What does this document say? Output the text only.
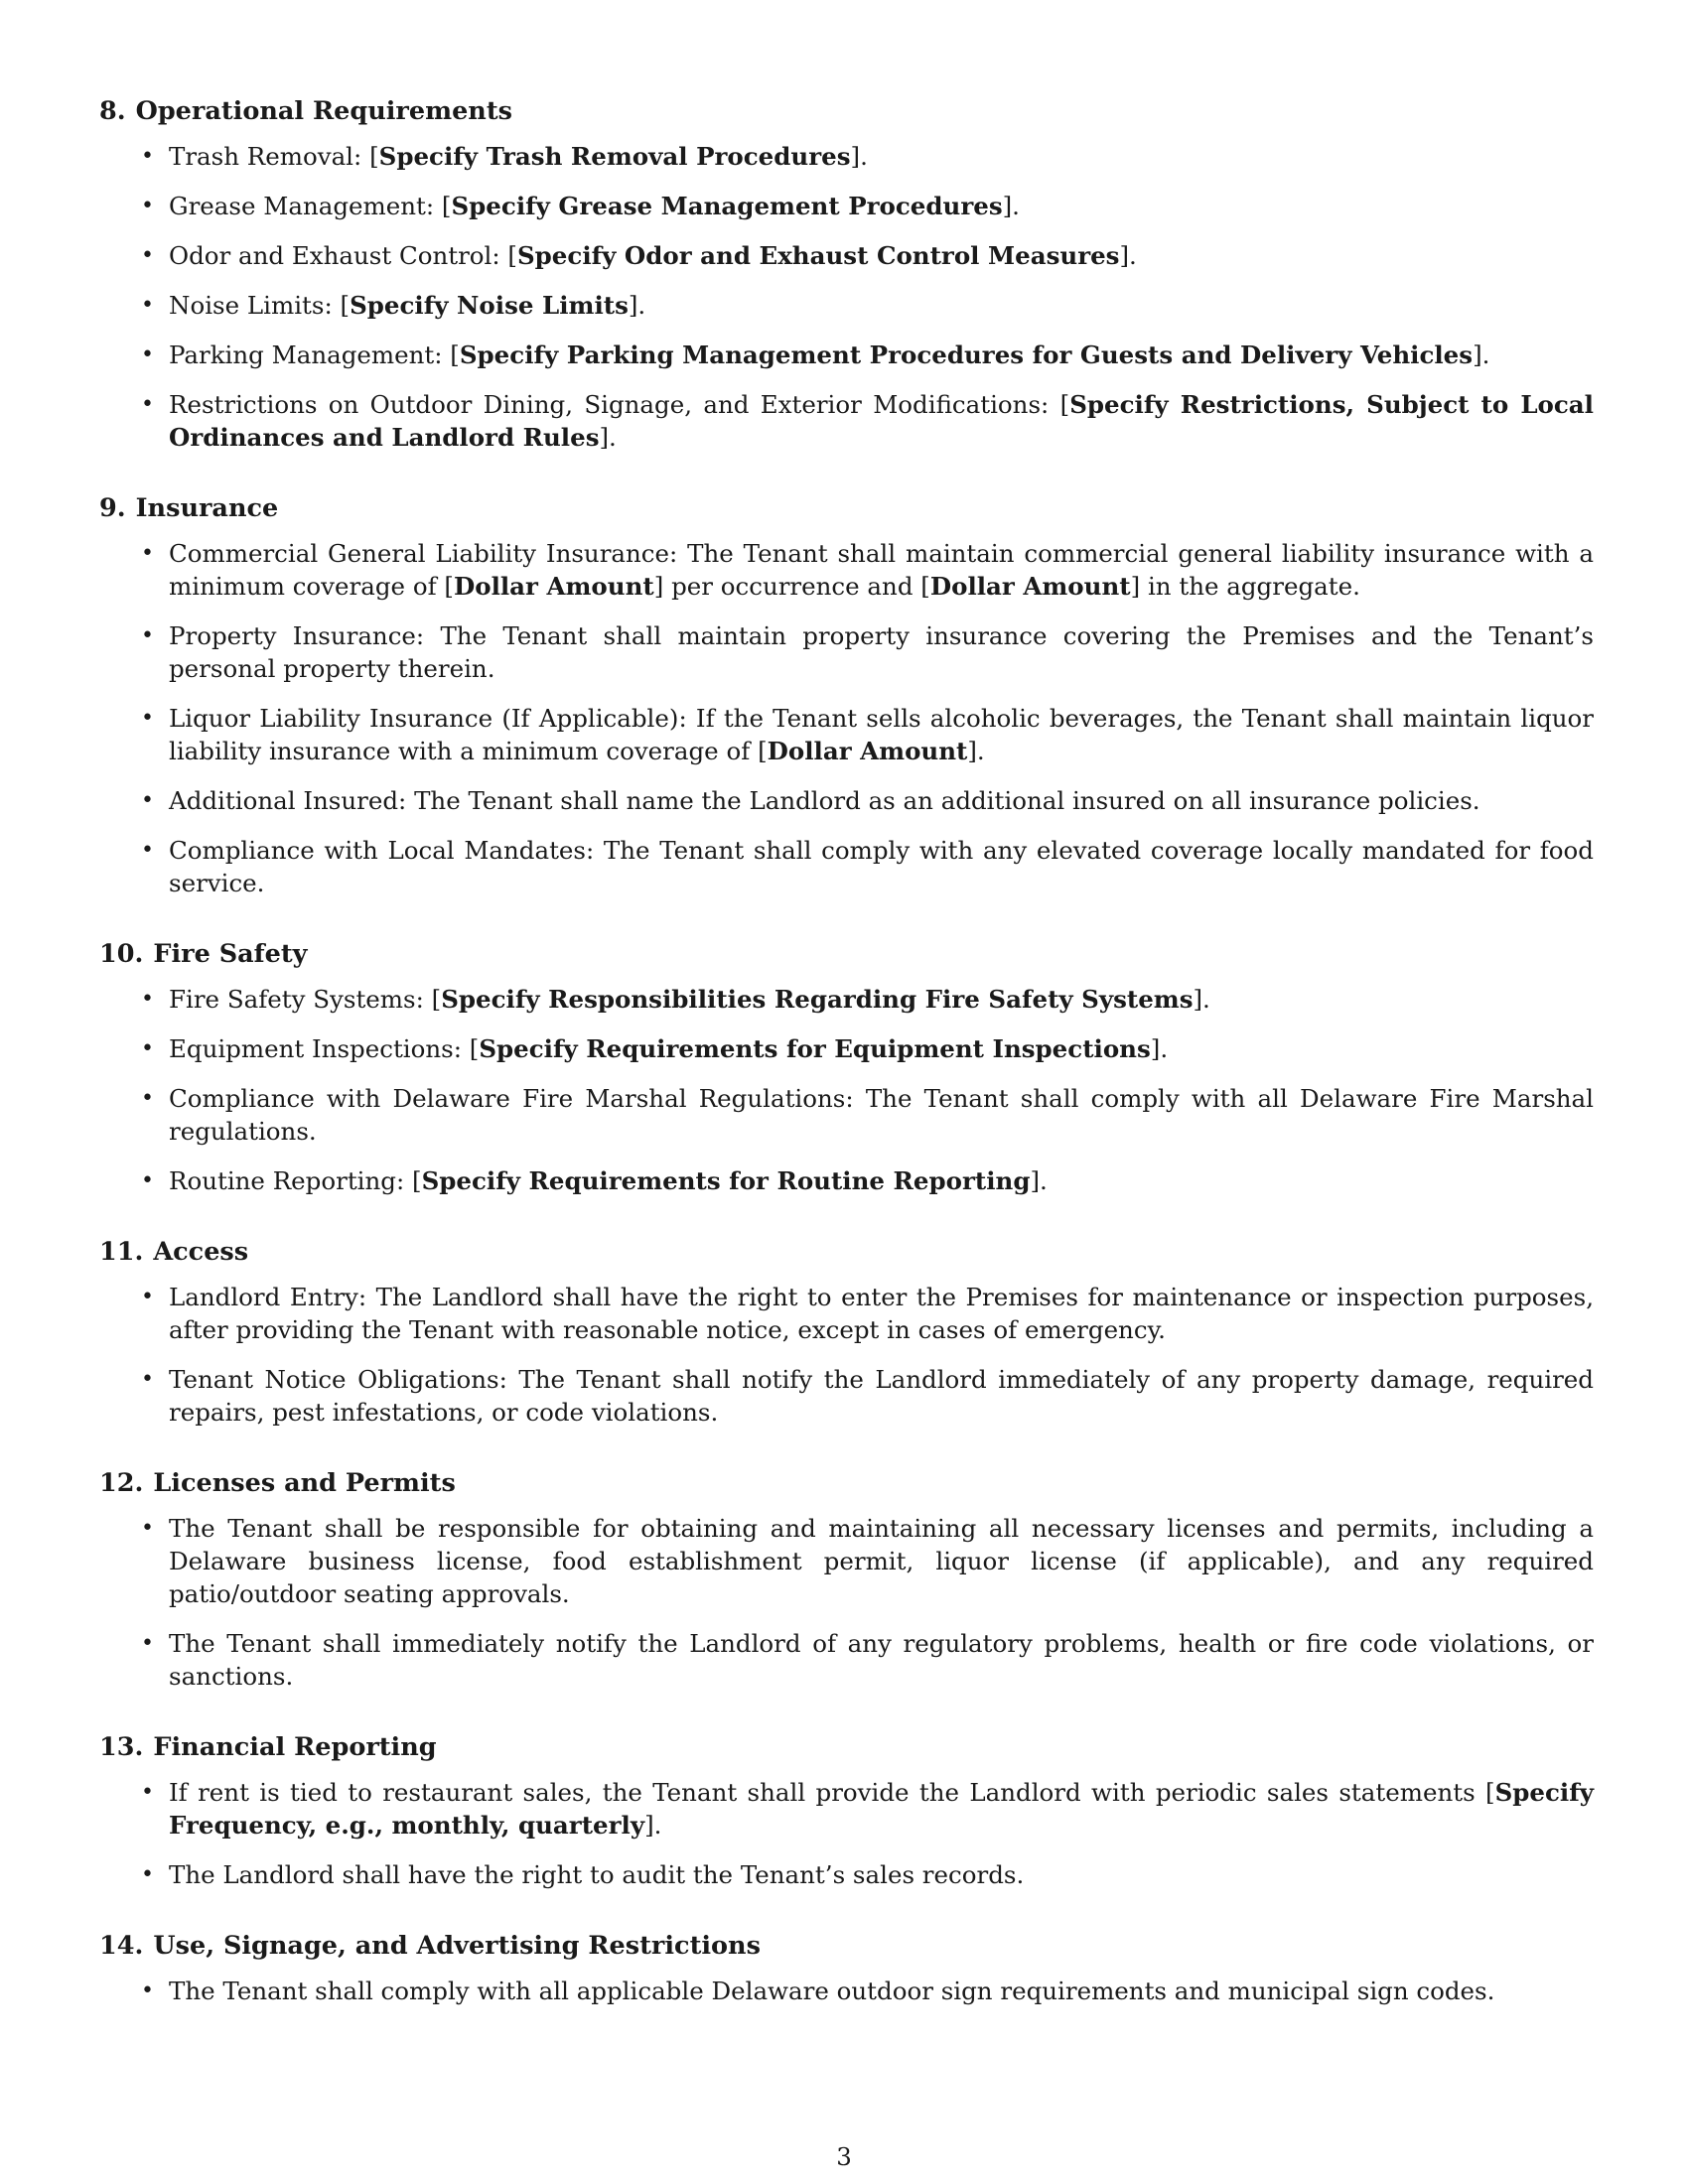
8. Operational Requirements
• Trash Removal: [Specify Trash Removal Procedures].
• Grease Management: [Specify Grease Management Procedures].
• Odor and Exhaust Control: [Specify Odor and Exhaust Control Measures].
• Noise Limits: [Specify Noise Limits].
• Parking Management: [Specify Parking Management Procedures for Guests and Delivery Vehicles].
• Restrictions on Outdoor Dining, Signage, and Exterior Modifications: [Specify Restrictions, Subject to Local Ordinances and Landlord Rules].
9. Insurance
• Commercial General Liability Insurance: The Tenant shall maintain commercial general liability insurance with a minimum coverage of [Dollar Amount] per occurrence and [Dollar Amount] in the aggregate.
• Property Insurance: The Tenant shall maintain property insurance covering the Premises and the Tenant’s personal property therein.
• Liquor Liability Insurance (If Applicable): If the Tenant sells alcoholic beverages, the Tenant shall maintain liquor liability insurance with a minimum coverage of [Dollar Amount].
• Additional Insured: The Tenant shall name the Landlord as an additional insured on all insurance policies.
• Compliance with Local Mandates: The Tenant shall comply with any elevated coverage locally mandated for food service.
10. Fire Safety
• Fire Safety Systems: [Specify Responsibilities Regarding Fire Safety Systems].
• Equipment Inspections: [Specify Requirements for Equipment Inspections].
• Compliance with Delaware Fire Marshal Regulations: The Tenant shall comply with all Delaware Fire Marshal regulations.
• Routine Reporting: [Specify Requirements for Routine Reporting].
11. Access
• Landlord Entry: The Landlord shall have the right to enter the Premises for maintenance or inspection purposes, after providing the Tenant with reasonable notice, except in cases of emergency.
• Tenant Notice Obligations: The Tenant shall notify the Landlord immediately of any property damage, required repairs, pest infestations, or code violations.
12. Licenses and Permits
• The Tenant shall be responsible for obtaining and maintaining all necessary licenses and permits, including a Delaware business license, food establishment permit, liquor license (if applicable), and any required patio/outdoor seating approvals.
• The Tenant shall immediately notify the Landlord of any regulatory problems, health or fire code violations, or sanctions.
13. Financial Reporting
• If rent is tied to restaurant sales, the Tenant shall provide the Landlord with periodic sales statements [Specify Frequency, e.g., monthly, quarterly].
• The Landlord shall have the right to audit the Tenant’s sales records.
14. Use, Signage, and Advertising Restrictions
• The Tenant shall comply with all applicable Delaware outdoor sign requirements and municipal sign codes.
3
